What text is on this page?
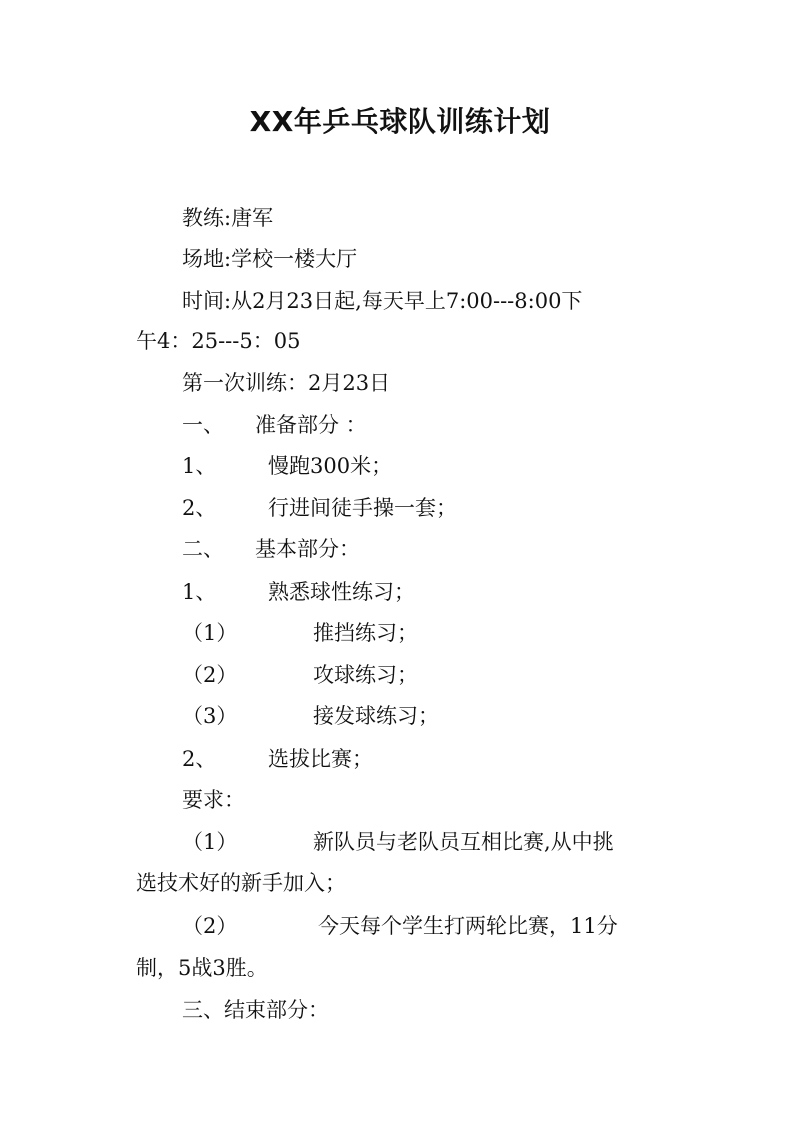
XX年乒乓球队训练计划
教练:唐军
场地:学校一楼大厅
时间:从2月23日起,每天早上7:00---8:00下
午4：25---5：05
第一次训练：2月23日
一、 准备部分 ：
1、 慢跑300米；
2、 行进间徒手操一套；
二、 基本部分：
1、 熟悉球性练习；
（1）	推挡练习；
（2）	攻球练习；
（3）	接发球练习；
2、 选拔比赛；
要求：
（1）	新队员与老队员互相比赛,从中挑
选技术好的新手加入；
（2）	今天每个学生打两轮比赛，11分
制，5战3胜。
三、结束部分：
